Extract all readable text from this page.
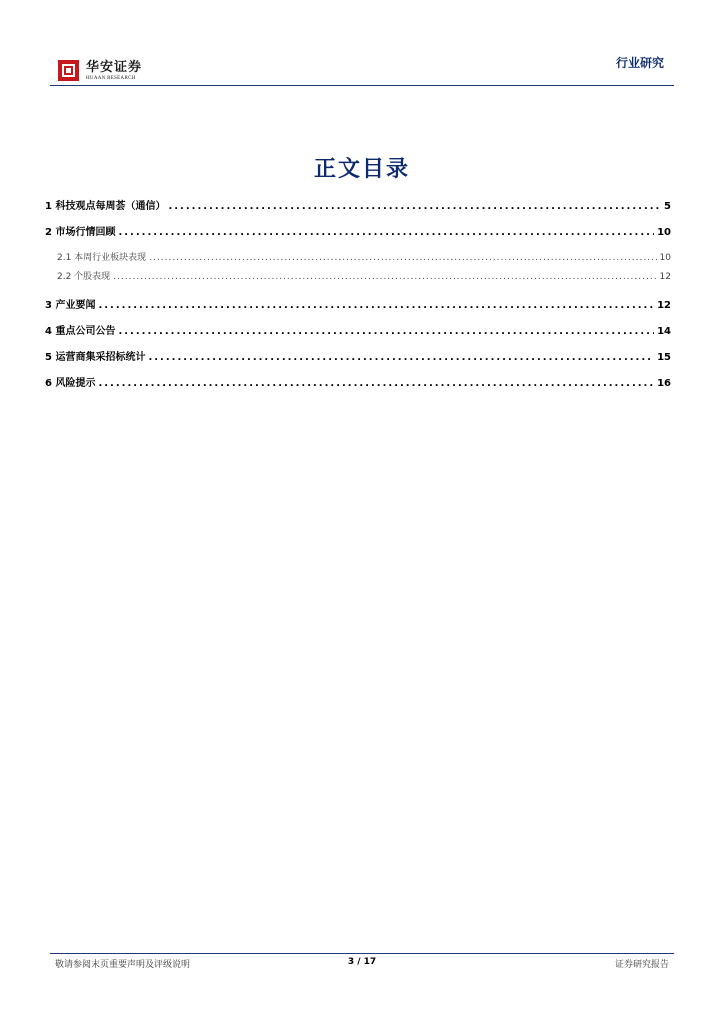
华安证券
HUAAN RESEARCH
行业研究
正文目录
1 科技观点每周荟（通信） .....	5
2 市场行情回顾 .....	10
2.1 本周行业板块表现 .....	10
2.2 个股表现 .....	12
3 产业要闻 .....	12
4 重点公司公告 .....	14
5 运营商集采招标统计 .....	15
6 风险提示 .....	16
敬请参阅末页重要声明及评级说明	3 / 17	证券研究报告
